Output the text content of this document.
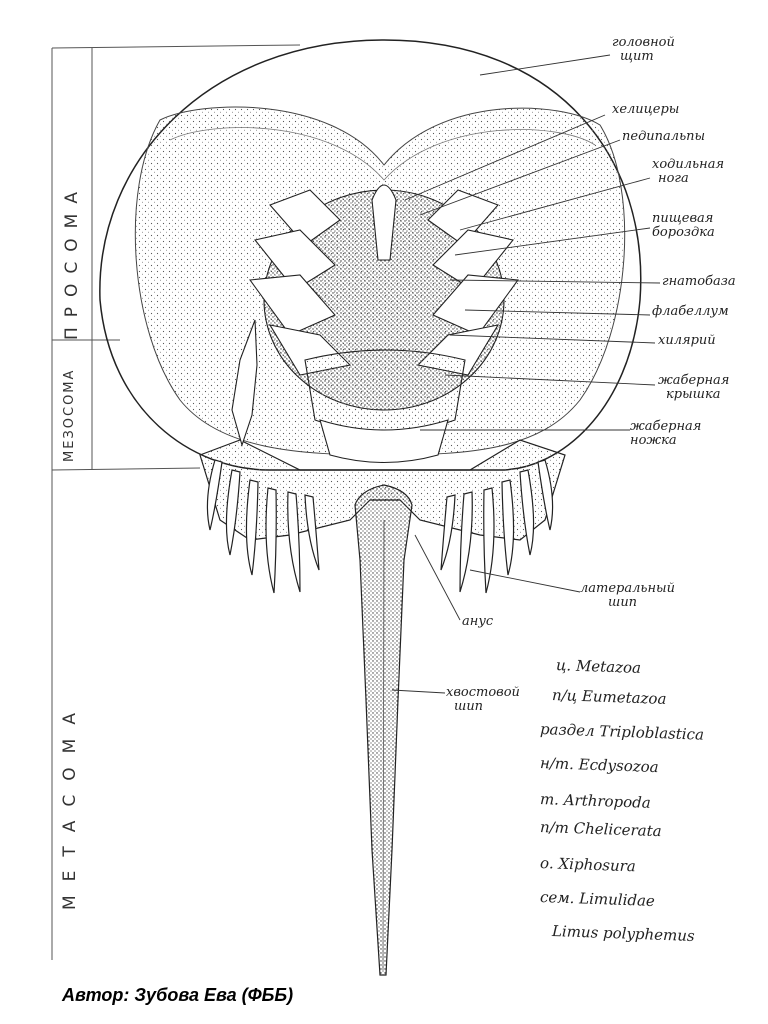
ПРОСОМА
МЕЗОСОМА
МЕТАСОМА
головной
щит
хелицеры
педипальпы
ходильная
нога
пищевая
бороздка
гнатобаза
флабеллум
хилярий
жаберная
крышка
жаберная
ножка
латеральный
шип
анус
хвостовой
шип
ц. Metazoa
п/ц Eumetazoa
раздел Triploblastica
н/т. Ecdysozoa
т. Arthropoda
п/т Chelicerata
о. Xiphosura
сем. Limulidae
Limus polyphemus
Автор: Зубова Ева (ФББ)
